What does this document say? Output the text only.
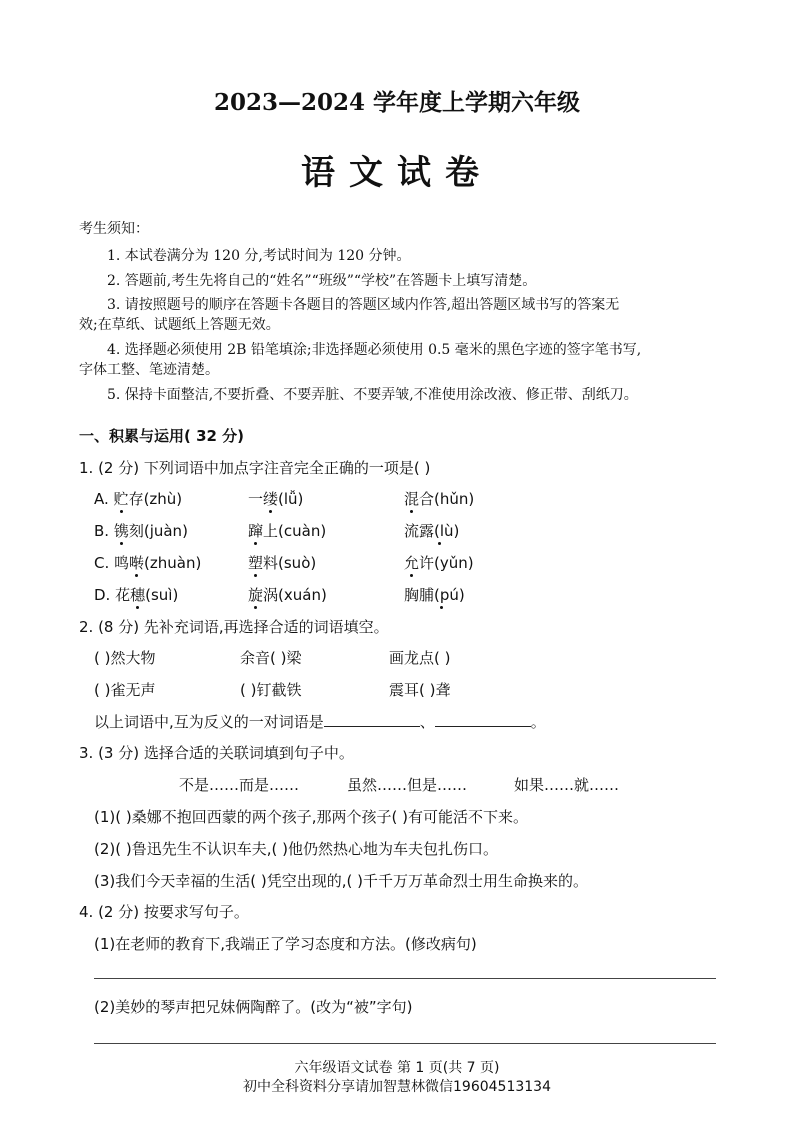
2023—2024 学年度上学期六年级
语文试卷
考生须知：
1. 本试卷满分为 120 分,考试时间为 120 分钟。
2. 答题前,考生先将自己的“姓名”“班级”“学校”在答题卡上填写清楚。
3. 请按照题号的顺序在答题卡各题目的答题区域内作答,超出答题区域书写的答案无
效;在草纸、试题纸上答题无效。
4. 选择题必须使用 2B 铅笔填涂;非选择题必须使用 0.5 毫米的黑色字迹的签字笔书写,
字体工整、笔迹清楚。
5. 保持卡面整洁,不要折叠、不要弄脏、不要弄皱,不准使用涂改液、修正带、刮纸刀。
一、积累与运用( 32 分)
1. (2 分) 下列词语中加点字注音完全正确的一项是( )
A. 贮存(zhù)	一缕(lǚ)	混合(hǔn)
B. 镌刻(juàn)	蹿上(cuàn)	流露(lù)
C. 鸣啭(zhuàn)	塑料(suò)	允许(yǔn)
D. 花穗(suì)	旋涡(xuán)	胸脯(pú)
2. (8 分) 先补充词语,再选择合适的词语填空。
( )然大物	余音( )梁	画龙点( )
( )雀无声	( )钉截铁	震耳( )聋
以上词语中,互为反义的一对词语是	、	。
3. (3 分) 选择合适的关联词填到句子中。
不是……而是……	虽然……但是……	如果……就……
(1)( )桑娜不抱回西蒙的两个孩子,那两个孩子( )有可能活不下来。
(2)( )鲁迅先生不认识车夫,( )他仍然热心地为车夫包扎伤口。
(3)我们今天幸福的生活( )凭空出现的,( )千千万万革命烈士用生命换来的。
4. (2 分) 按要求写句子。
(1)在老师的教育下,我端正了学习态度和方法。(修改病句)
(2)美妙的琴声把兄妹俩陶醉了。(改为“被”字句)
六年级语文试卷 第 1 页(共 7 页)
初中全科资料分享请加智慧林微信19604513134
